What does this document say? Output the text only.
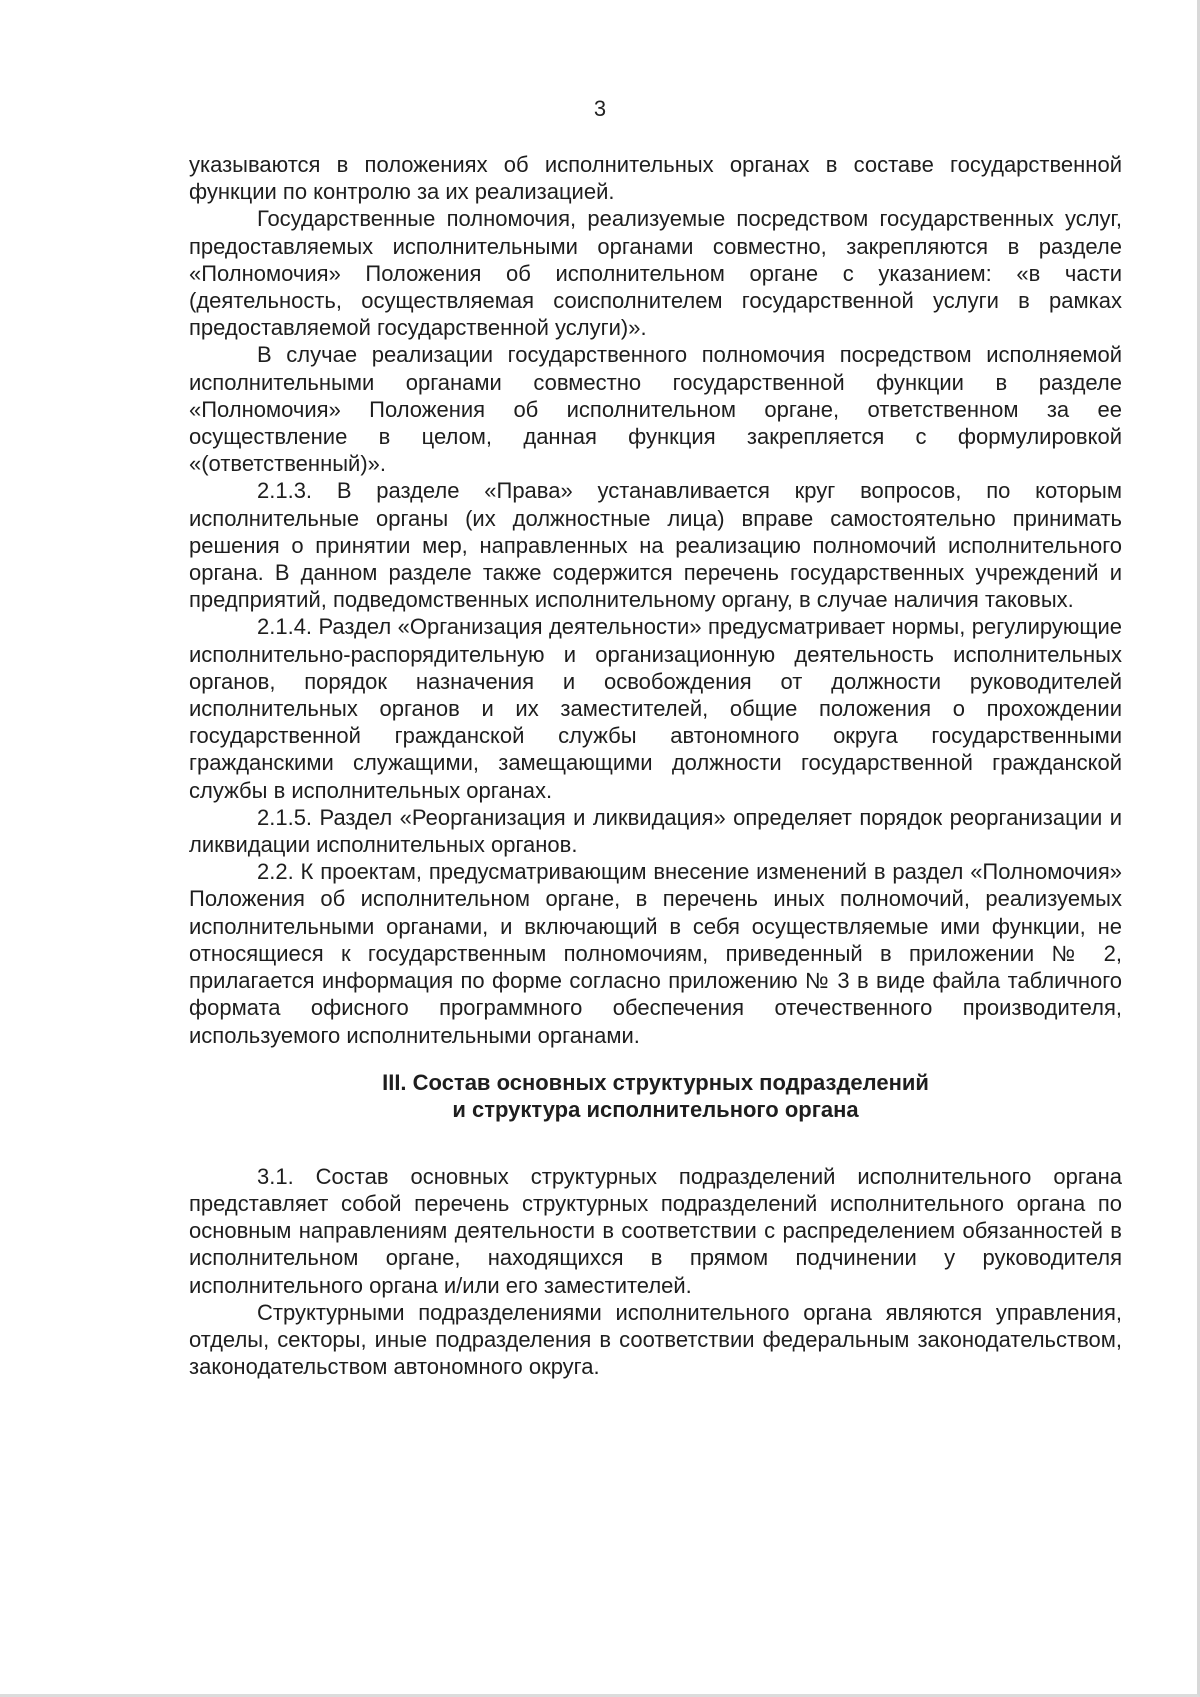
3

указываются в положениях об исполнительных органах в составе государственной функции по контролю за их реализацией.

Государственные полномочия, реализуемые посредством государственных услуг, предоставляемых исполнительными органами совместно, закрепляются в разделе «Полномочия» Положения об исполнительном органе с указанием: «в части (деятельность, осуществляемая соисполнителем государственной услуги в рамках предоставляемой государственной услуги)».

В случае реализации государственного полномочия посредством исполняемой исполнительными органами совместно государственной функции в разделе «Полномочия» Положения об исполнительном органе, ответственном за ее осуществление в целом, данная функция закрепляется с формулировкой «(ответственный)».

2.1.3. В разделе «Права» устанавливается круг вопросов, по которым исполнительные органы (их должностные лица) вправе самостоятельно принимать решения о принятии мер, направленных на реализацию полномочий исполнительного органа. В данном разделе также содержится перечень государственных учреждений и предприятий, подведомственных исполнительному органу, в случае наличия таковых.

2.1.4. Раздел «Организация деятельности» предусматривает нормы, регулирующие исполнительно-распорядительную и организационную деятельность исполнительных органов, порядок назначения и освобождения от должности руководителей исполнительных органов и их заместителей, общие положения о прохождении государственной гражданской службы автономного округа государственными гражданскими служащими, замещающими должности государственной гражданской службы в исполнительных органах.

2.1.5. Раздел «Реорганизация и ликвидация» определяет порядок реорганизации и ликвидации исполнительных органов.

2.2. К проектам, предусматривающим внесение изменений в раздел «Полномочия» Положения об исполнительном органе, в перечень иных полномочий, реализуемых исполнительными органами, и включающий в себя осуществляемые ими функции, не относящиеся к государственным полномочиям, приведенный в приложении № 2, прилагается информация по форме согласно приложению № 3 в виде файла табличного формата офисного программного обеспечения отечественного производителя, используемого исполнительными органами.

III. Состав основных структурных подразделений
и структура исполнительного органа

3.1. Состав основных структурных подразделений исполнительного органа представляет собой перечень структурных подразделений исполнительного органа по основным направлениям деятельности в соответствии с распределением обязанностей в исполнительном органе, находящихся в прямом подчинении у руководителя исполнительного органа и/или его заместителей.

Структурными подразделениями исполнительного органа являются управления, отделы, секторы, иные подразделения в соответствии федеральным законодательством, законодательством автономного округа.
